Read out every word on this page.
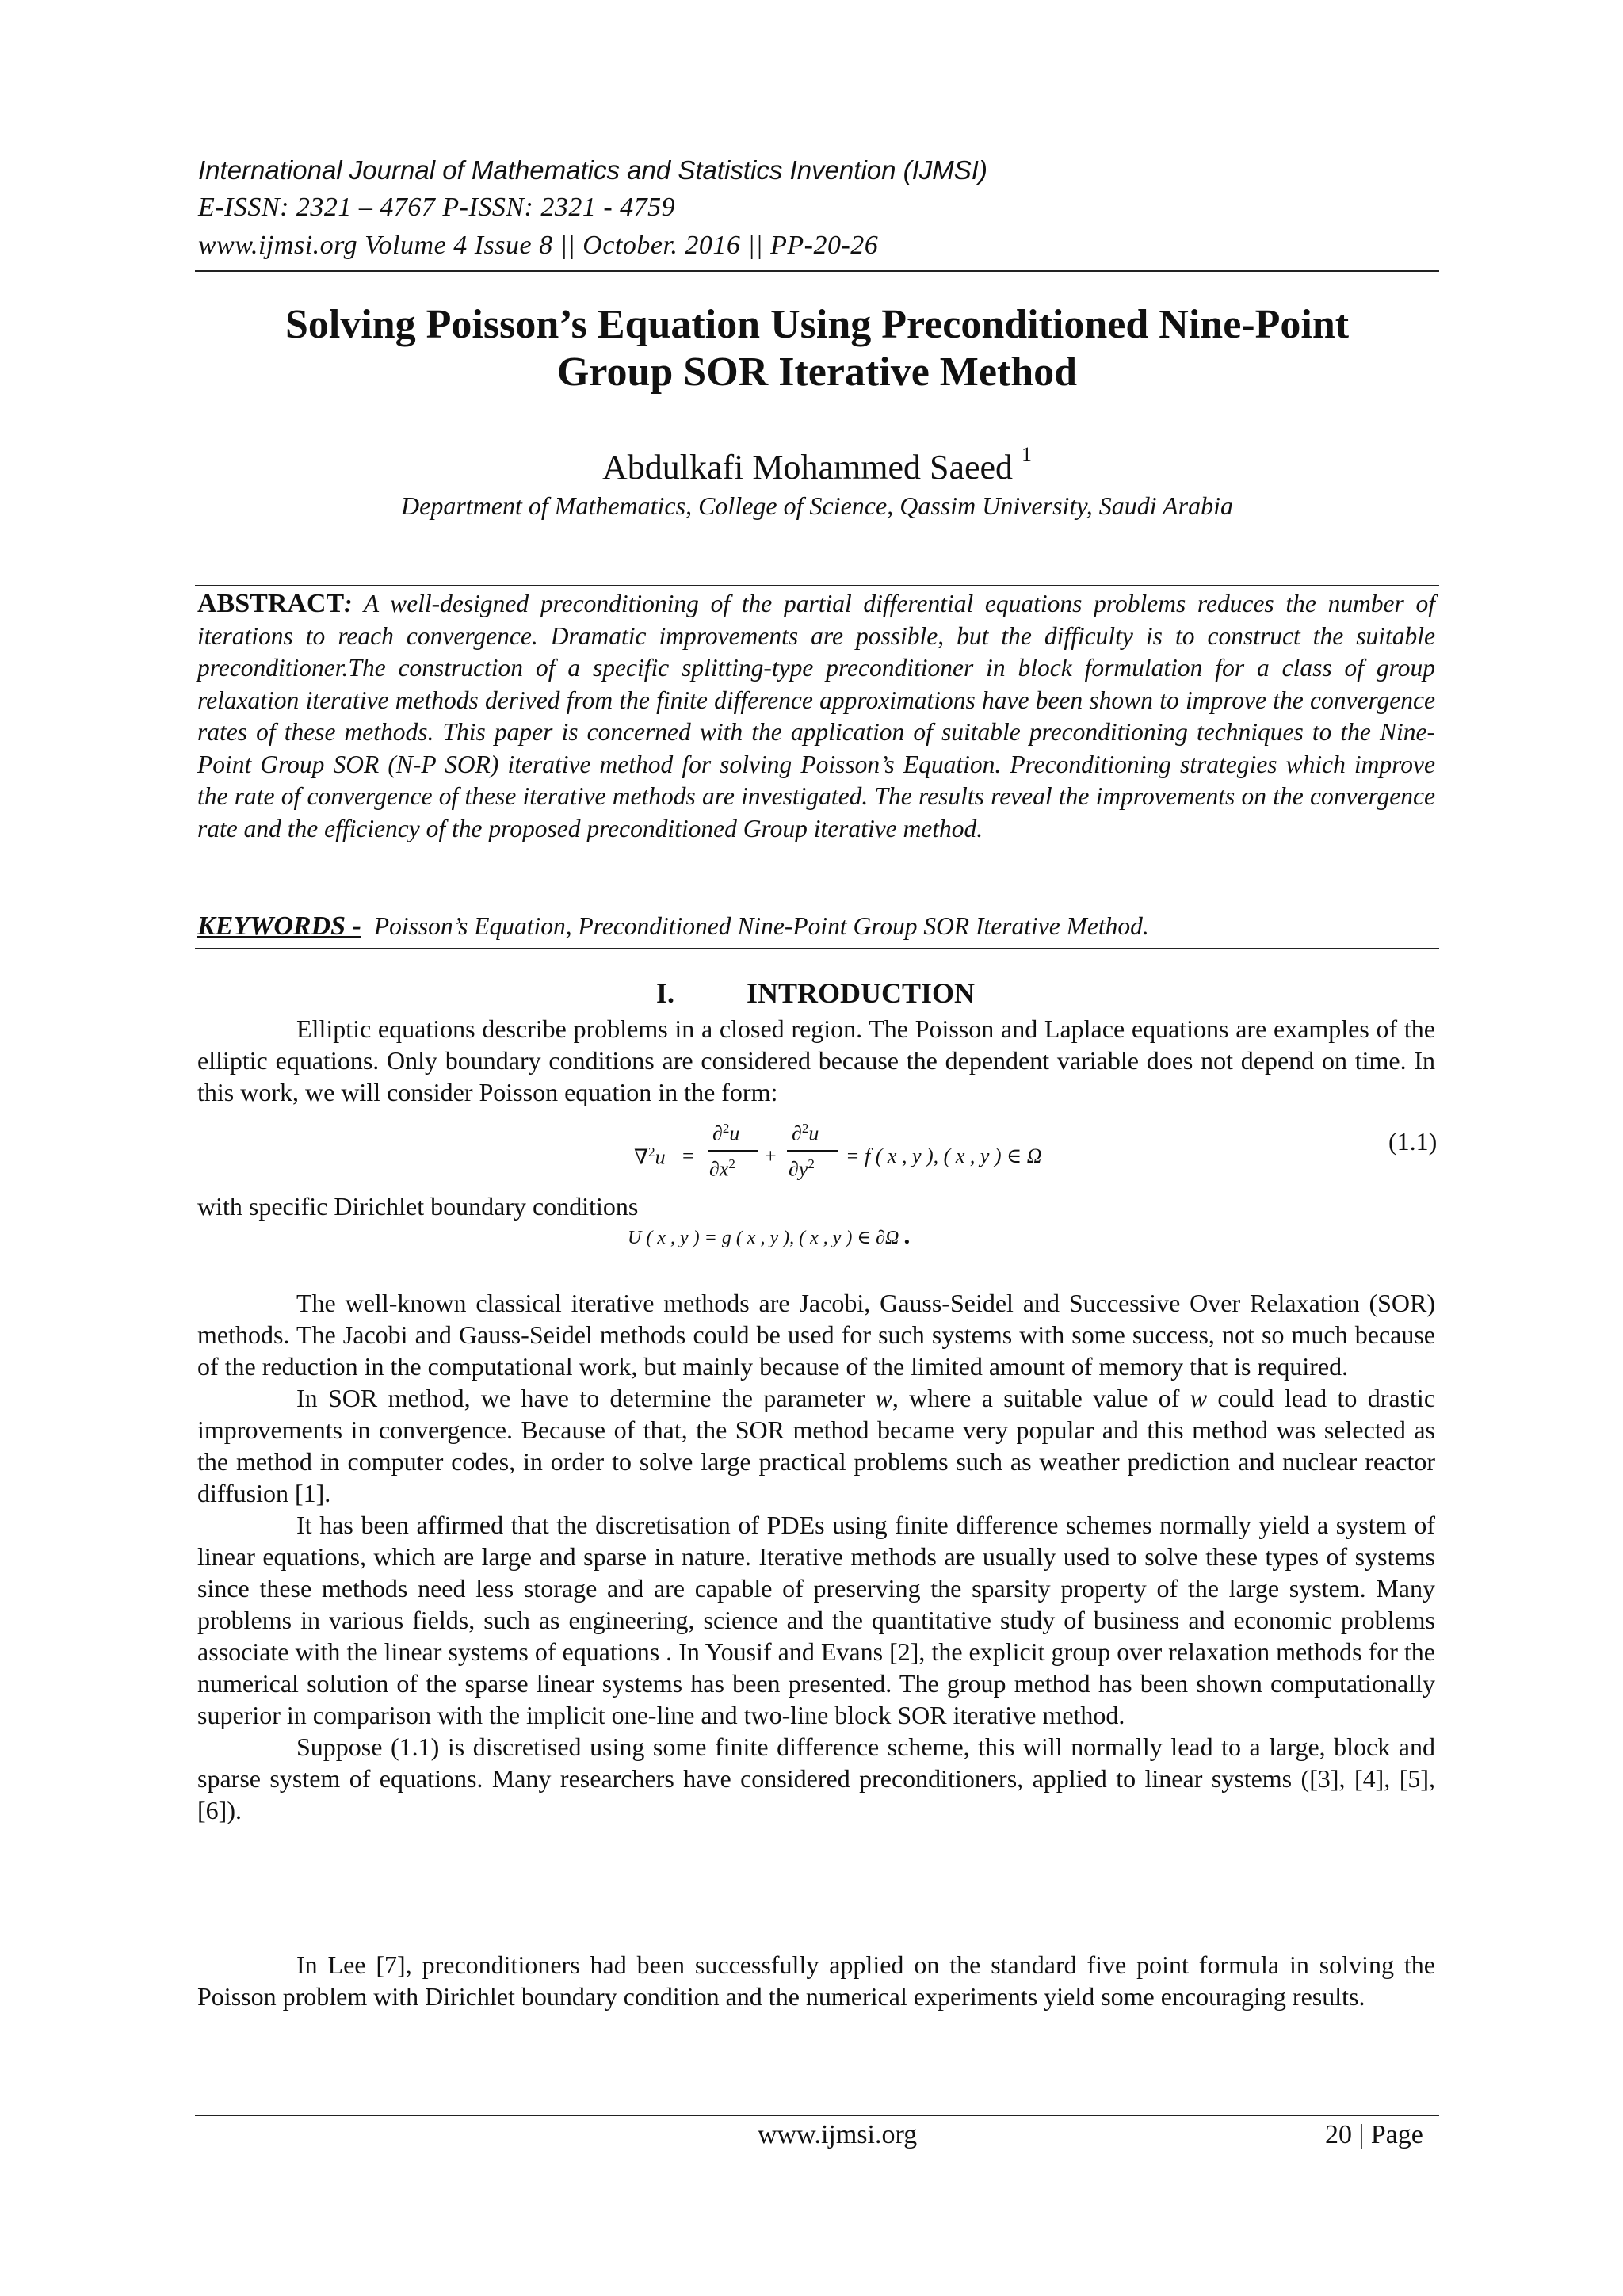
International Journal of Mathematics and Statistics Invention (IJMSI)
E-ISSN: 2321 – 4767 P-ISSN: 2321 - 4759
www.ijmsi.org Volume 4 Issue 8 || October. 2016 || PP-20-26
Solving Poisson’s Equation Using Preconditioned Nine-Point
Group SOR Iterative Method
Abdulkafi Mohammed Saeed $^1$
Department of Mathematics, College of Science, Qassim University, Saudi Arabia
ABSTRACT: A well-designed preconditioning of the partial differential equations problems reduces the number of iterations to reach convergence. Dramatic improvements are possible, but the difficulty is to construct the suitable preconditioner.The construction of a specific splitting-type preconditioner in block formulation for a class of group relaxation iterative methods derived from the finite difference approximations have been shown to improve the convergence rates of these methods. This paper is concerned with the application of suitable preconditioning techniques to the Nine-Point Group SOR (N-P SOR) iterative method for solving Poisson’s Equation. Preconditioning strategies which improve the rate of convergence of these iterative methods are investigated. The results reveal the improvements on the convergence rate and the efficiency of the proposed preconditioned Group iterative method.
KEYWORDS - Poisson’s Equation, Preconditioned Nine-Point Group SOR Iterative Method.
I.	INTRODUCTION

Elliptic equations describe problems in a closed region. The Poisson and Laplace equations are examples of the elliptic equations. Only boundary conditions are considered because the dependent variable does not depend on time. In this work, we will consider Poisson equation in the form:

∇$^2$u =
∂$^2$u
$\partial x^2$ +
∂$^2$u
$\partial y^2 = f$ ( x , y ), ( x , y ) ∈ Ω
(1.1)

with specific Dirichlet boundary conditions

U ( x , y ) = g ( x , y ), ( x , y ) ∈ ∂Ω .

The well-known classical iterative methods are Jacobi, Gauss-Seidel and Successive Over Relaxation (SOR) methods. The Jacobi and Gauss-Seidel methods could be used for such systems with some success, not so much because of the reduction in the computational work, but mainly because of the limited amount of memory that is required.

In SOR method, we have to determine the parameter w, where a suitable value of w could lead to drastic improvements in convergence. Because of that, the SOR method became very popular and this method was selected as the method in computer codes, in order to solve large practical problems such as weather prediction and nuclear reactor diffusion [1].

It has been affirmed that the discretisation of PDEs using finite difference schemes normally yield a system of linear equations, which are large and sparse in nature. Iterative methods are usually used to solve these types of systems since these methods need less storage and are capable of preserving the sparsity property of the large system. Many problems in various fields, such as engineering, science and the quantitative study of business and economic problems associate with the linear systems of equations . In Yousif and Evans [2], the explicit group over relaxation methods for the numerical solution of the sparse linear systems has been presented. The group method has been shown computationally superior in comparison with the implicit one-line and two-line block SOR iterative method.

Suppose (1.1) is discretised using some finite difference scheme, this will normally lead to a large, block and sparse system of equations. Many researchers have considered preconditioners, applied to linear systems ([3], [4], [5], [6]).

In Lee [7], preconditioners had been successfully applied on the standard five point formula in solving the Poisson problem with Dirichlet boundary condition and the numerical experiments yield some encouraging results.

www.ijmsi.org	20 | Page
